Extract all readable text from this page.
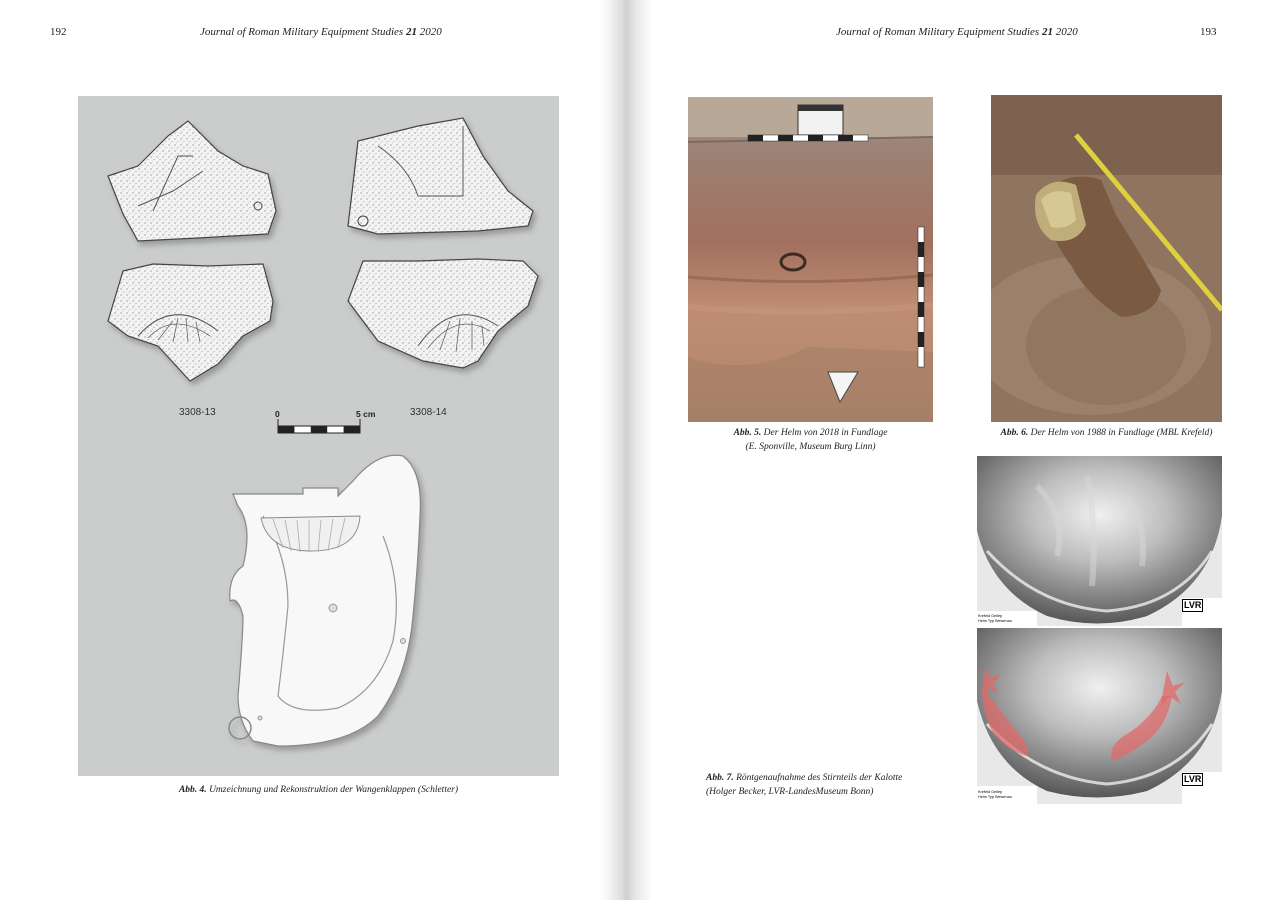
192	Journal of Roman Military Equipment Studies 21 2020
3308-13	3308-14
0	5 cm
Abb. 4. Umzeichnung und Rekonstruktion der Wangenklappen (Schletter)
Journal of Roman Military Equipment Studies 21 2020	193
Abb. 5. Der Helm von 2018 in Fundlage
(E. Sponville, Museum Burg Linn)
Abb. 6. Der Helm von 1988 in Fundlage (MBL Krefeld)
LVR
Krefeld Gellep
Helm Typ Weisenau
LVR
Krefeld Gellep
Helm Typ Weisenau
Abb. 7. Röntgenaufnahme des Stirnteils der Kalotte
(Holger Becker, LVR-LandesMuseum Bonn)
